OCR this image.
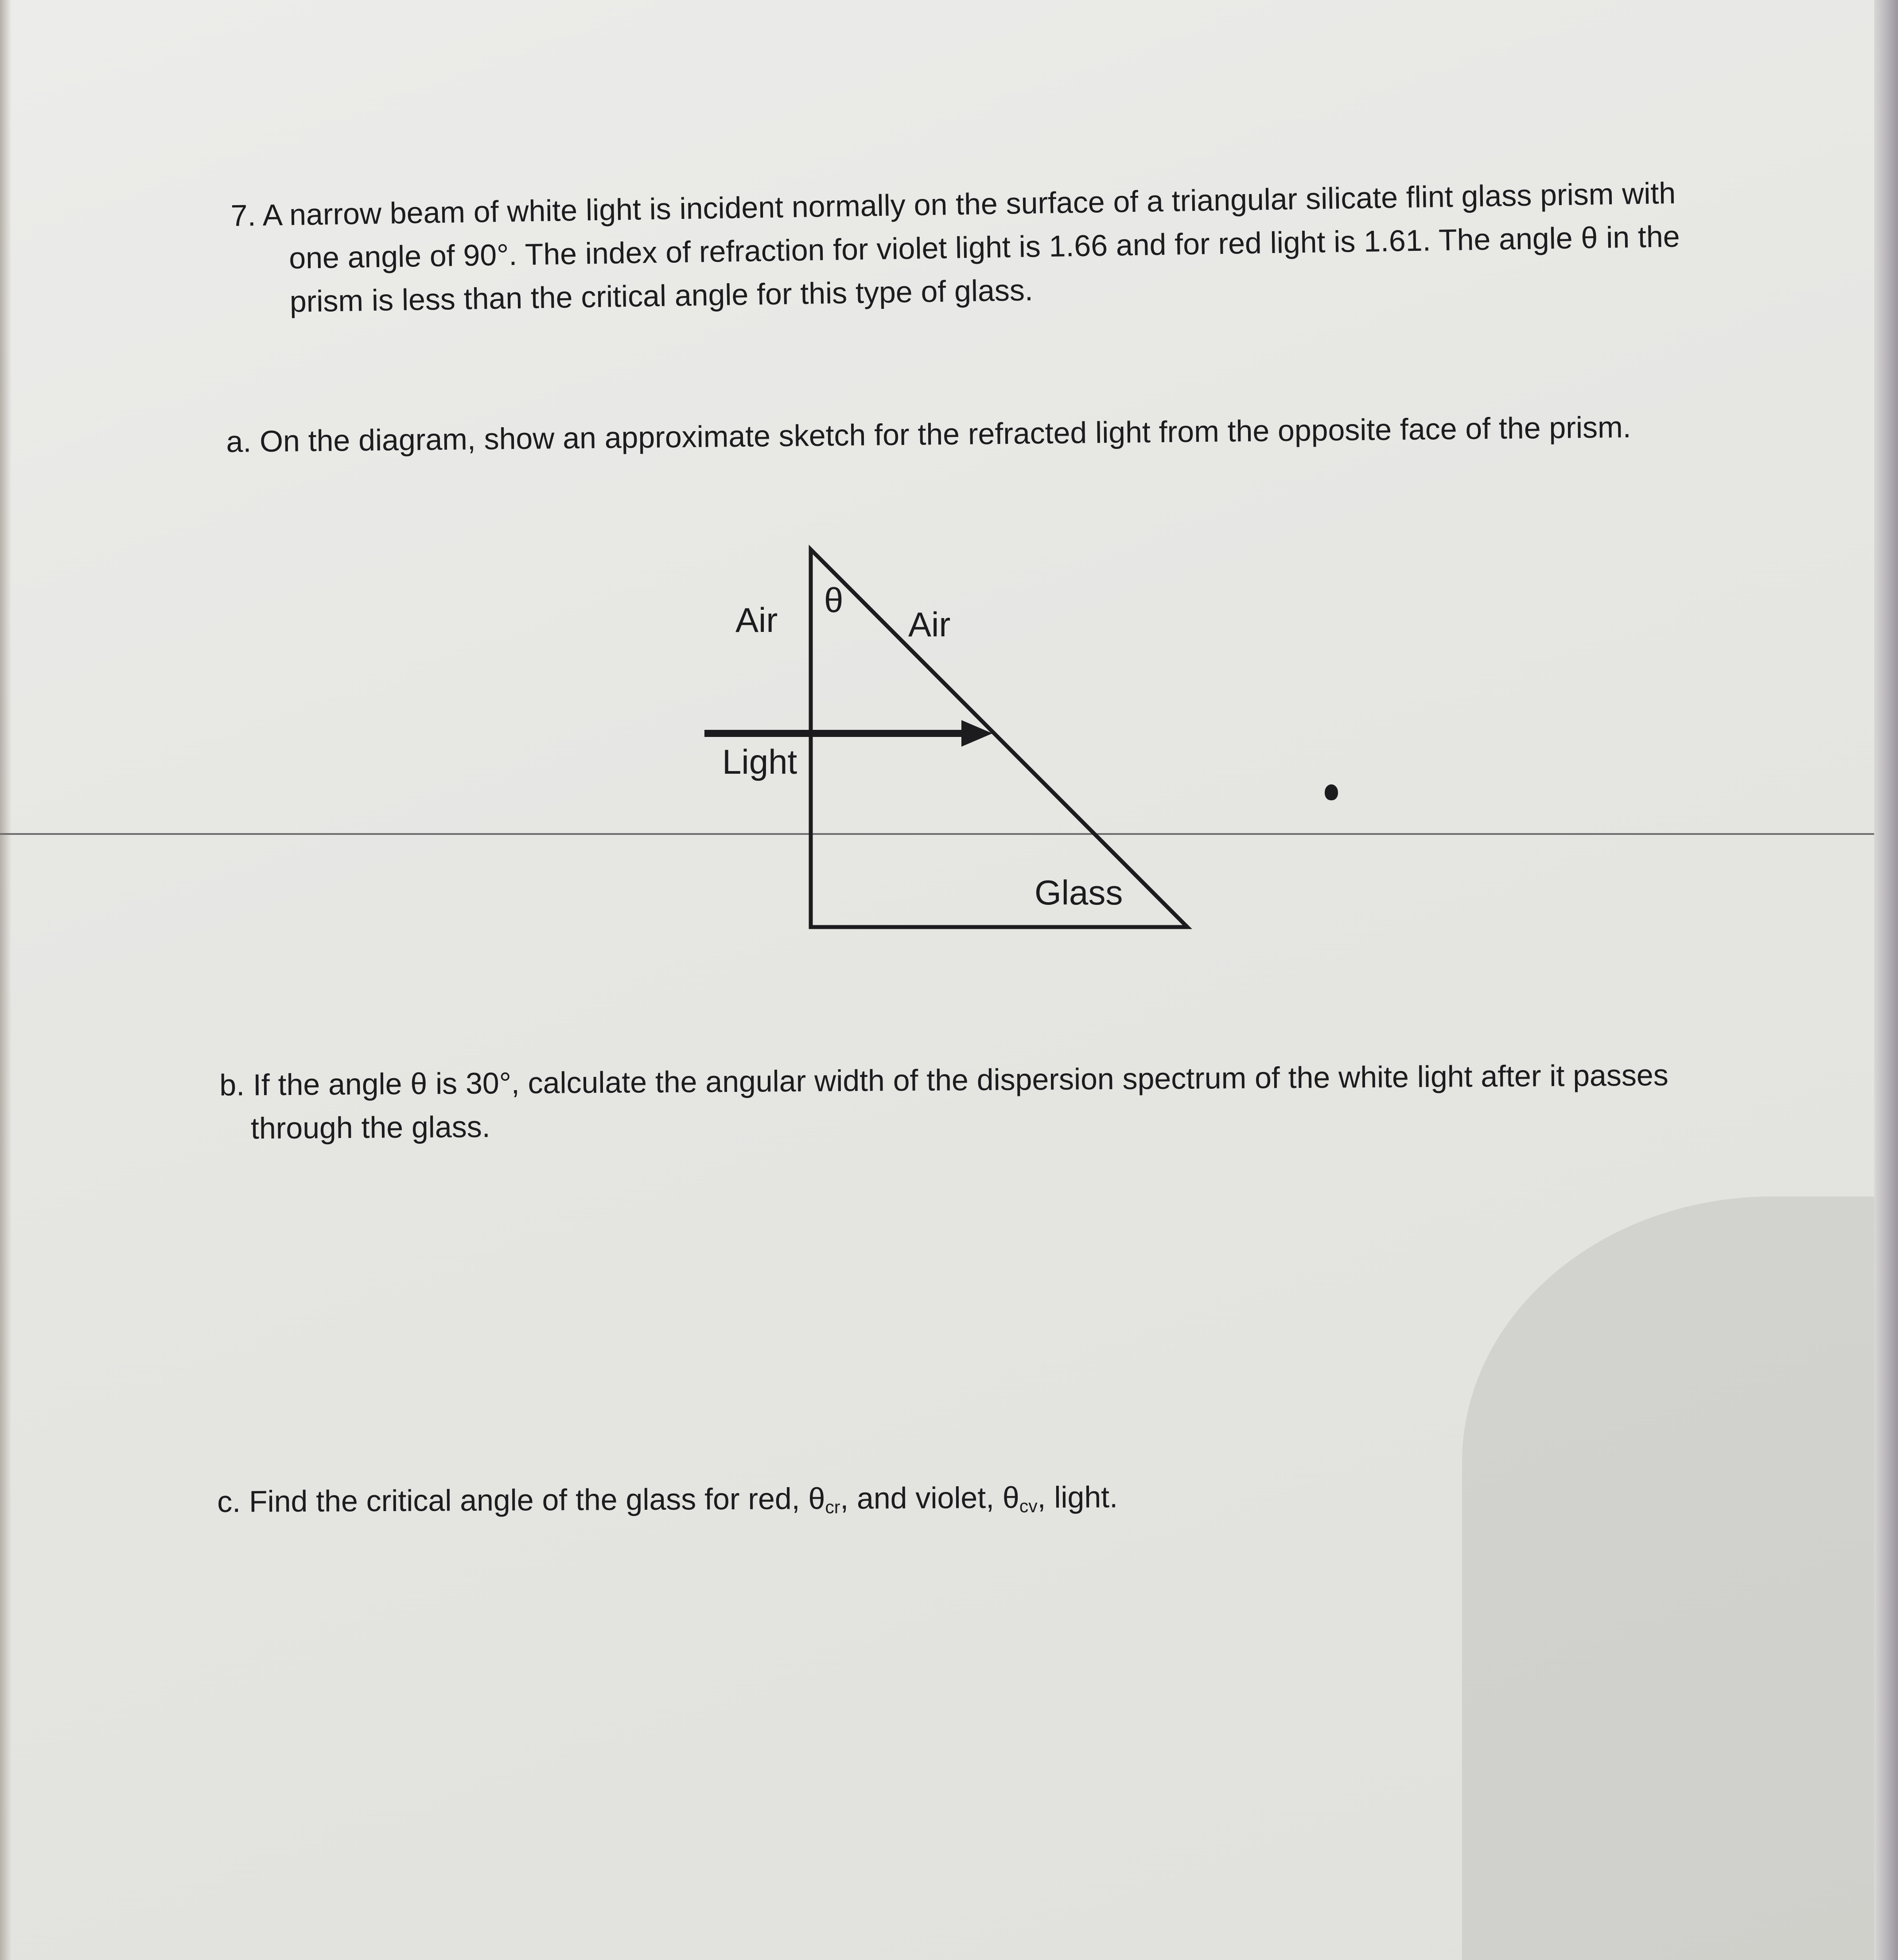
7. A narrow beam of white light is incident normally on the surface of a triangular silicate flint glass prism with one angle of 90°. The index of refraction for violet light is 1.66 and for red light is 1.61. The angle θ in the prism is less than the critical angle for this type of glass.

a. On the diagram, show an approximate sketch for the refracted light from the opposite face of the prism.

θ
Air	Air
Light
Glass

b. If the angle θ is 30°, calculate the angular width of the dispersion spectrum of the white light after it passes through the glass.

c. Find the critical angle of the glass for red, $\theta_{cr}$, and violet, $\theta_{cv}$, light.
